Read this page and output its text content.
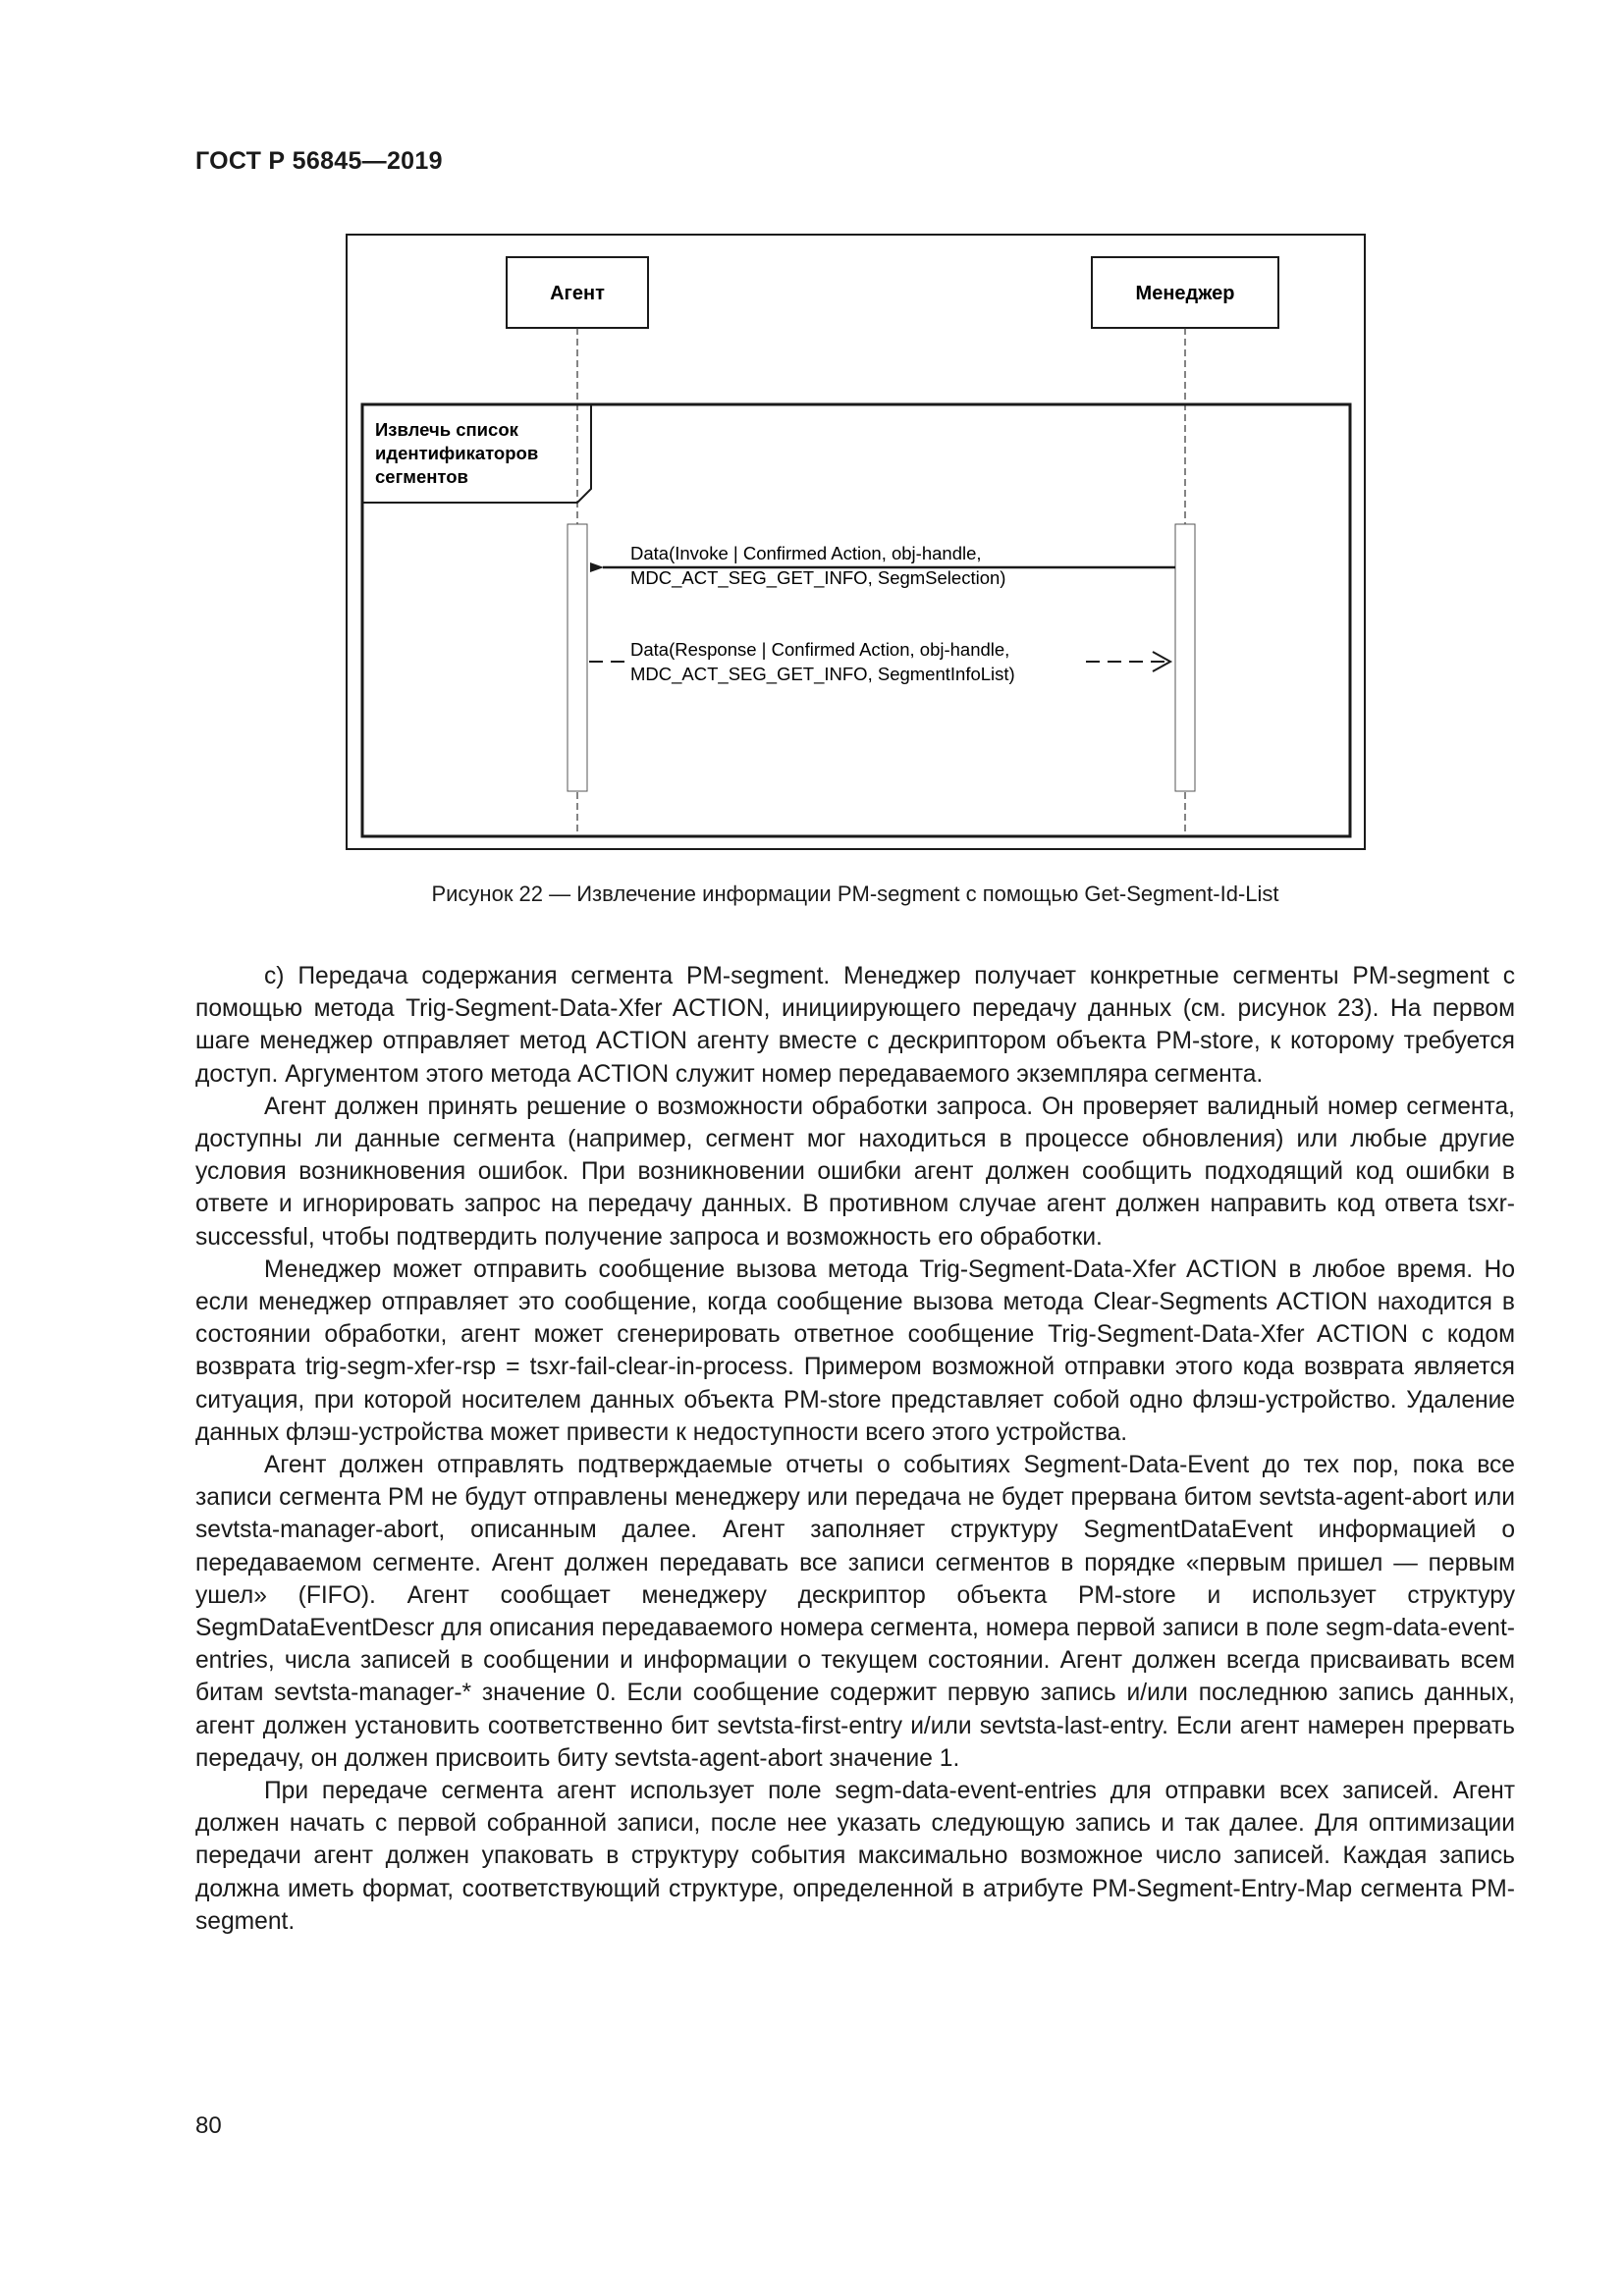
ГОСТ Р 56845—2019
Агент	Менеджер
Извлечь список идентификаторов сегментов
Data(Invoke | Confirmed Action, obj-handle, MDC_ACT_SEG_GET_INFO, SegmSelection)
Data(Response | Confirmed Action, obj-handle, MDC_ACT_SEG_GET_INFO, SegmentInfoList)
Рисунок 22 — Извлечение информации PM-segment с помощью Get-Segment-Id-List

c) Передача содержания сегмента PM-segment. Менеджер получает конкретные сегменты PM-segment с помощью метода Trig-Segment-Data-Xfer ACTION, инициирующего передачу данных (см. рисунок 23). На первом шаге менеджер отправляет метод ACTION агенту вместе с дескриптором объекта PM-store, к которому требуется доступ. Аргументом этого метода ACTION служит номер передаваемого экземпляра сегмента.

Агент должен принять решение о возможности обработки запроса. Он проверяет валидный номер сегмента, доступны ли данные сегмента (например, сегмент мог находиться в процессе обновления) или любые другие условия возникновения ошибок. При возникновении ошибки агент должен сообщить подходящий код ошибки в ответе и игнорировать запрос на передачу данных. В противном случае агент должен направить код ответа tsxr-successful, чтобы подтвердить получение запроса и возможность его обработки.

Менеджер может отправить сообщение вызова метода Trig-Segment-Data-Xfer ACTION в любое время. Но если менеджер отправляет это сообщение, когда сообщение вызова метода Clear-Segments ACTION находится в состоянии обработки, агент может сгенерировать ответное сообщение Trig-Segment-Data-Xfer ACTION с кодом возврата trig-segm-xfer-rsp = tsxr-fail-clear-in-process. Примером возможной отправки этого кода возврата является ситуация, при которой носителем данных объекта PM-store представляет собой одно флэш-устройство. Удаление данных флэш-устройства может привести к недоступности всего этого устройства.

Агент должен отправлять подтверждаемые отчеты о событиях Segment-Data-Event до тех пор, пока все записи сегмента PM не будут отправлены менеджеру или передача не будет прервана битом sevtsta-agent-abort или sevtsta-manager-abort, описанным далее. Агент заполняет структуру SegmentDataEvent информацией о передаваемом сегменте. Агент должен передавать все записи сегментов в порядке «первым пришел — первым ушел» (FIFO). Агент сообщает менеджеру дескриптор объекта PM-store и использует структуру SegmDataEventDescr для описания передаваемого номера сегмента, номера первой записи в поле segm-data-event-entries, числа записей в сообщении и информации о текущем состоянии. Агент должен всегда присваивать всем битам sevtsta-manager-* значение 0. Если сообщение содержит первую запись и/или последнюю запись данных, агент должен установить соответственно бит sevtsta-first-entry и/или sevtsta-last-entry. Если агент намерен прервать передачу, он должен присвоить биту sevtsta-agent-abort значение 1.

При передаче сегмента агент использует поле segm-data-event-entries для отправки всех записей. Агент должен начать с первой собранной записи, после нее указать следующую запись и так далее. Для оптимизации передачи агент должен упаковать в структуру события максимально возможное число записей. Каждая запись должна иметь формат, соответствующий структуре, определенной в атрибуте PM-Segment-Entry-Map сегмента PM-segment.

80
